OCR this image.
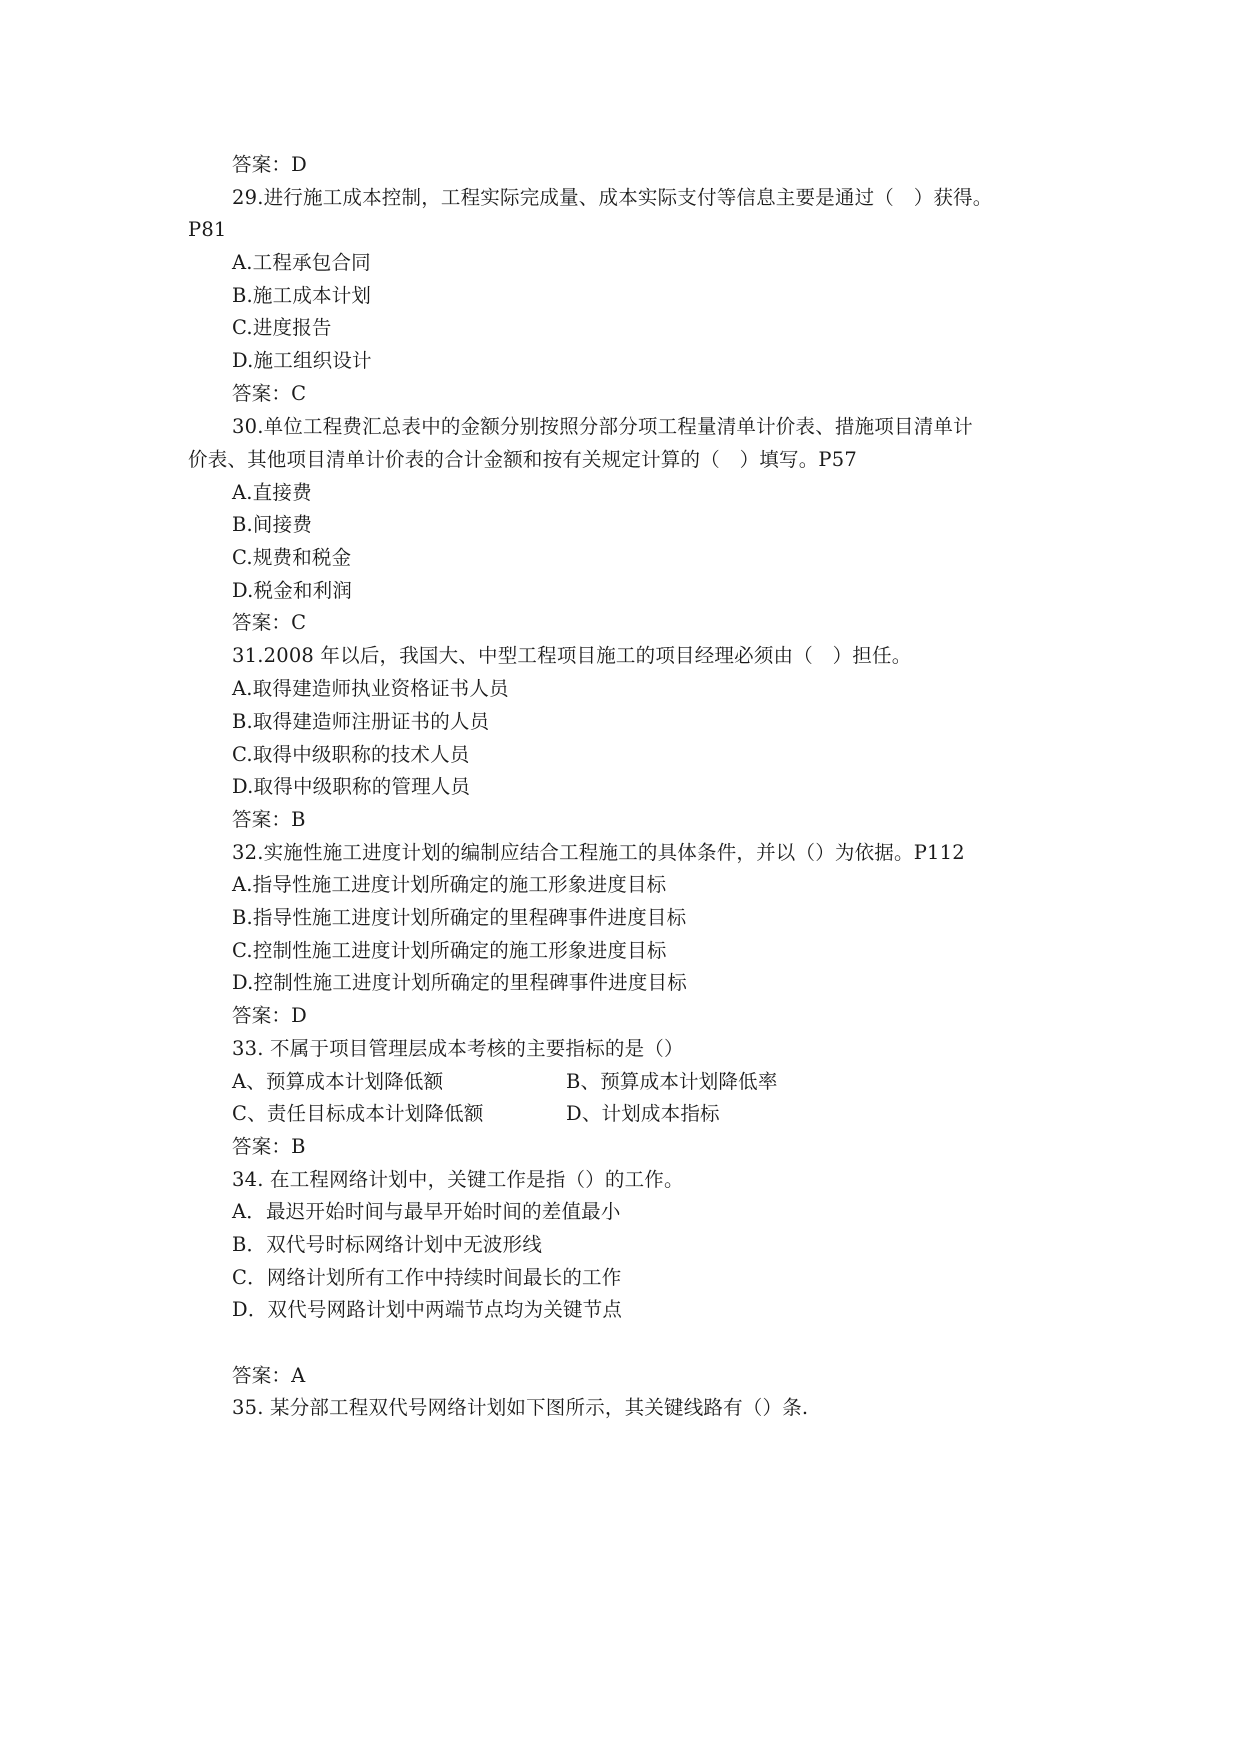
答案：D
29.进行施工成本控制，工程实际完成量、成本实际支付等信息主要是通过（　）获得。
P81
A.工程承包合同
B.施工成本计划
C.进度报告
D.施工组织设计
答案：C
30.单位工程费汇总表中的金额分别按照分部分项工程量清单计价表、措施项目清单计
价表、其他项目清单计价表的合计金额和按有关规定计算的（　）填写。P57
A.直接费
B.间接费
C.规费和税金
D.税金和利润
答案：C
31.2008 年以后，我国大、中型工程项目施工的项目经理必须由（　）担任。
A.取得建造师执业资格证书人员
B.取得建造师注册证书的人员
C.取得中级职称的技术人员
D.取得中级职称的管理人员
答案：B
32.实施性施工进度计划的编制应结合工程施工的具体条件，并以（）为依据。P112
A.指导性施工进度计划所确定的施工形象进度目标
B.指导性施工进度计划所确定的里程碑事件进度目标
C.控制性施工进度计划所确定的施工形象进度目标
D.控制性施工进度计划所确定的里程碑事件进度目标
答案：D
33. 不属于项目管理层成本考核的主要指标的是（）
A、预算成本计划降低额	B、预算成本计划降低率
C、责任目标成本计划降低额	D、计划成本指标
答案：B
34. 在工程网络计划中，关键工作是指（）的工作。
A．最迟开始时间与最早开始时间的差值最小
B．双代号时标网络计划中无波形线
C．网络计划所有工作中持续时间最长的工作
D．双代号网路计划中两端节点均为关键节点
答案：A
35. 某分部工程双代号网络计划如下图所示，其关键线路有（）条.
